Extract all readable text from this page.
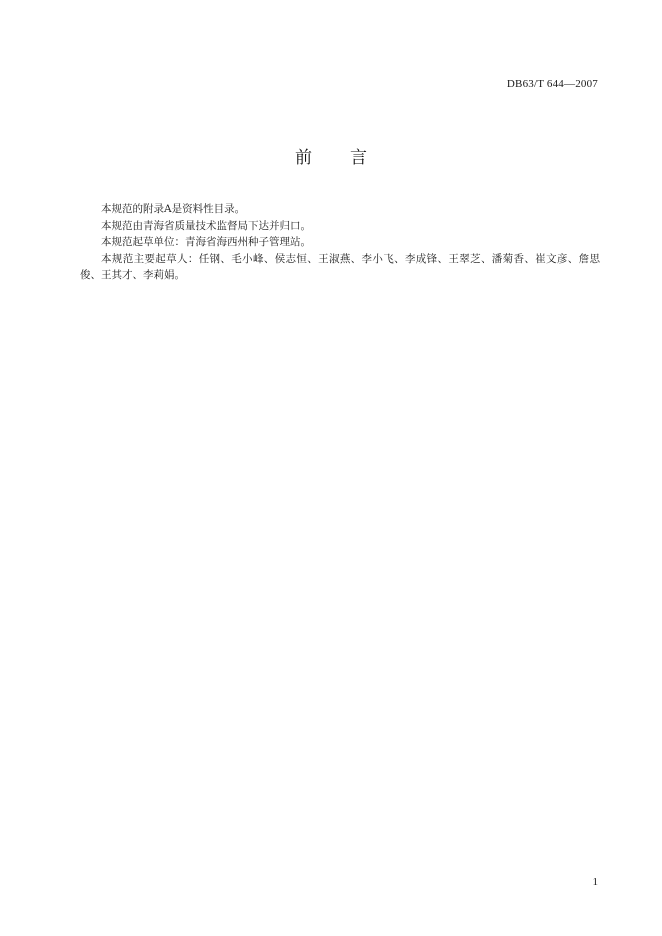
DB63/T 644—2007
前言

本规范的附录A是资料性目录。

本规范由青海省质量技术监督局下达并归口。

本规范起草单位：青海省海西州种子管理站。

本规范主要起草人：任钢、毛小峰、侯志恒、王淑燕、李小飞、李成锋、王翠芝、潘菊香、崔文彦、詹思俊、王其才、李莉娟。

1
